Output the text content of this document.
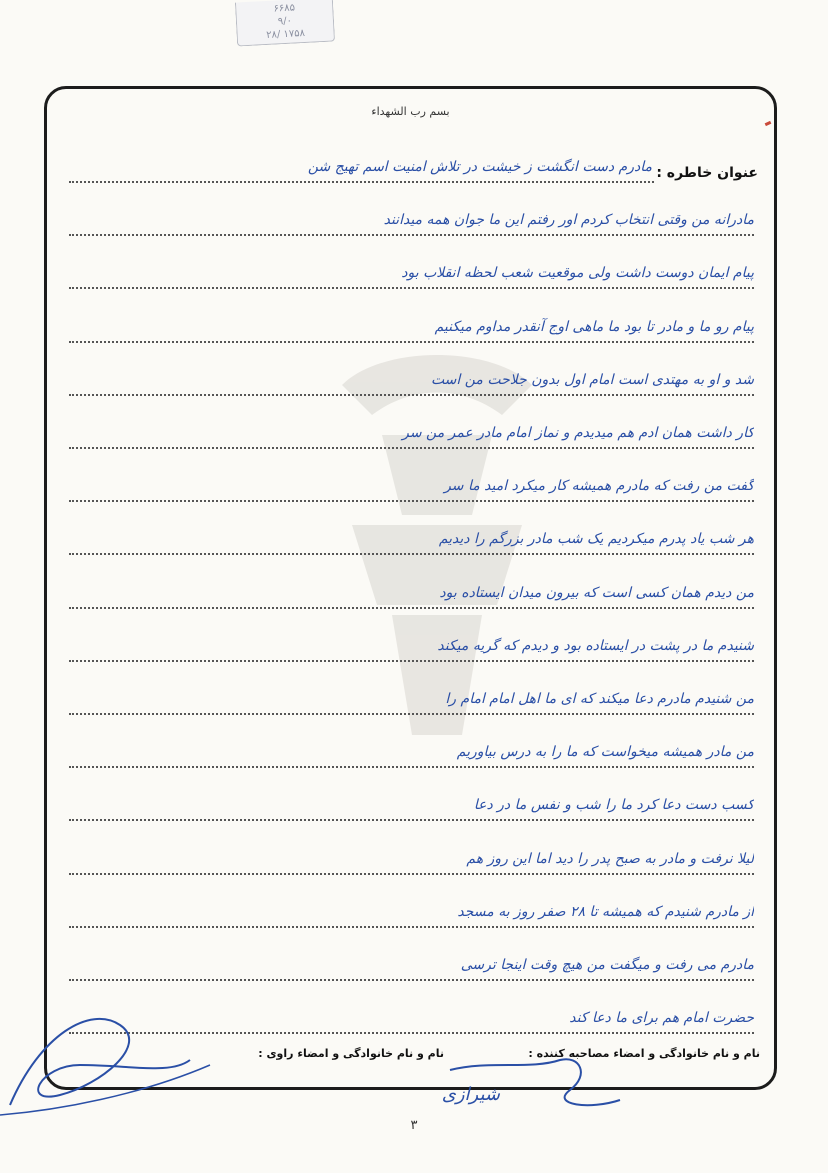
۶۶۸۵
۹/۰
۲۸/ ۱۷۵۸
بسم رب الشهداء
عنوان خاطره :
مادرم دست انگشت ز خیشت در تلاش امنیت اسم تهیج شن
مادرانه من وقتی انتخاب کردم اور رفتم این ما جوان همه میدانند
پیام ایمان دوست داشت ولی موقعیت شعب لحظه انقلاب بود
پیام رو ما و مادر تا بود ما ماهی اوج آنقدر مداوم میکنیم
شد و او به مهتدی است امام اول بدون جلاحت من است
کار داشت همان ادم هم میدیدم و نماز امام مادر عمر من سر
گفت من رفت که مادرم همیشه کار میکرد امید ما سر
هر شب یاد پدرم میکردیم یک شب مادر بزرگم را دیدیم
من دیدم همان کسی است که بیرون میدان ایستاده بود
شنیدم ما در پشت در ایستاده بود و دیدم که گریه میکند
من شنیدم مادرم دعا میکند که ای ما اهل امام امام را
من مادر همیشه میخواست که ما را به درس بیاوریم
کسب دست دعا کرد ما را شب و نفس ما در دعا
لیلا نرفت و مادر به صبح پدر را دید اما این روز هم
از مادرم شنیدم که همیشه تا ۲۸ صفر روز به مسجد
مادرم می رفت و میگفت من هیچ وقت اینجا ترسی
حضرت امام هم برای ما دعا کند
نام و نام خانوادگی و امضاء مصاحبه کننده :
نام و نام خانوادگی و امضاء راوی :
شیرازی
۳
